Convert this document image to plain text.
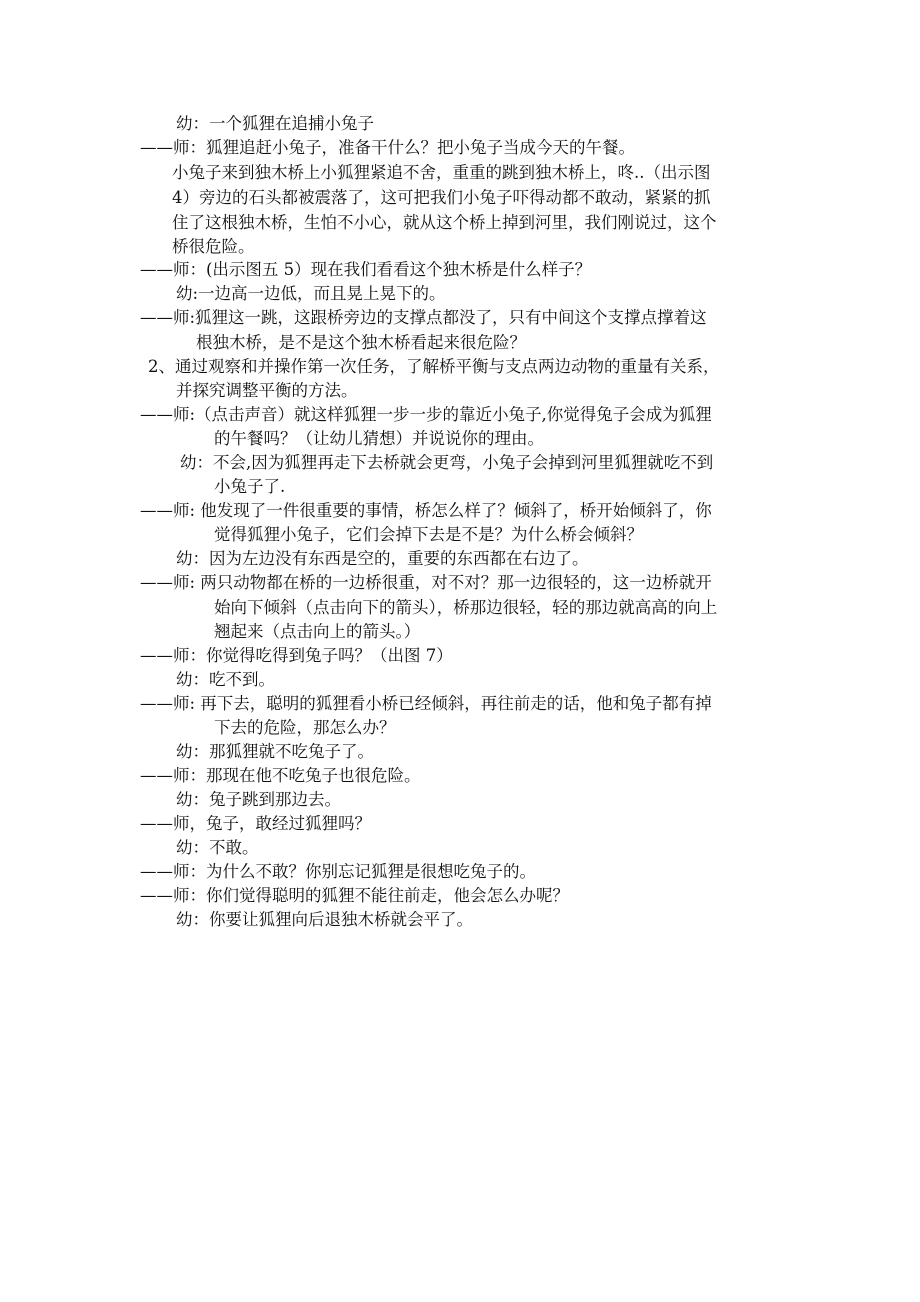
幼：一个狐狸在追捕小兔子
——师：狐狸追赶小兔子，准备干什么？把小兔子当成今天的午餐。
小兔子来到独木桥上小狐狸紧追不舍，重重的跳到独木桥上，咚..（出示图
4）旁边的石头都被震落了，这可把我们小兔子吓得动都不敢动，紧紧的抓
住了这根独木桥，生怕不小心，就从这个桥上掉到河里，我们刚说过，这个
桥很危险。
——师：(出示图五 5）现在我们看看这个独木桥是什么样子？
幼:一边高一边低，而且晃上晃下的。
——师:狐狸这一跳，这跟桥旁边的支撑点都没了，只有中间这个支撑点撑着这
根独木桥，是不是这个独木桥看起来很危险？
2、通过观察和并操作第一次任务，了解桥平衡与支点两边动物的重量有关系，
并探究调整平衡的方法。
——师:（点击声音）就这样狐狸一步一步的靠近小兔子,你觉得兔子会成为狐狸
的午餐吗？（让幼儿猜想）并说说你的理由。
幼：不会,因为狐狸再走下去桥就会更弯，小兔子会掉到河里狐狸就吃不到
小兔子了.
——师: 他发现了一件很重要的事情，桥怎么样了？倾斜了，桥开始倾斜了，你
觉得狐狸小兔子，它们会掉下去是不是？为什么桥会倾斜？
幼：因为左边没有东西是空的，重要的东西都在右边了。
——师: 两只动物都在桥的一边桥很重，对不对？那一边很轻的，这一边桥就开
始向下倾斜（点击向下的箭头），桥那边很轻，轻的那边就高高的向上
翘起来（点击向上的箭头。）
——师：你觉得吃得到兔子吗？（出图 7）
幼：吃不到。
——师: 再下去，聪明的狐狸看小桥已经倾斜，再往前走的话，他和兔子都有掉
下去的危险，那怎么办？
幼：那狐狸就不吃兔子了。
——师：那现在他不吃兔子也很危险。
幼：兔子跳到那边去。
——师，兔子，敢经过狐狸吗？
幼：不敢。
——师：为什么不敢？你别忘记狐狸是很想吃兔子的。
——师：你们觉得聪明的狐狸不能往前走，他会怎么办呢？
幼：你要让狐狸向后退独木桥就会平了。
